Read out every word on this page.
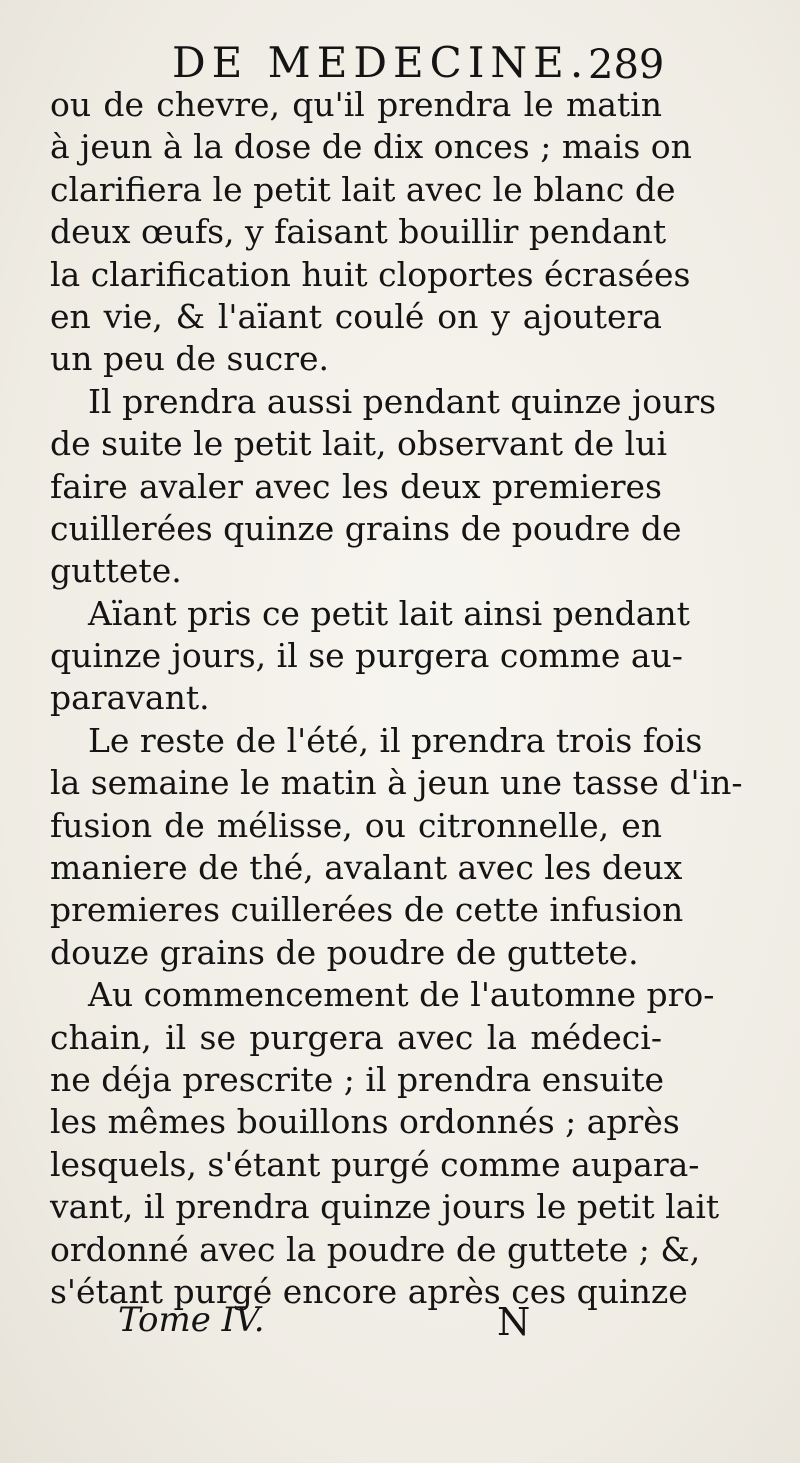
DE MEDECINE.
289
ou de chevre, qu'il prendra le matin
à jeun à la dose de dix onces ; mais on
clarifiera le petit lait avec le blanc de
deux œufs, y faisant bouillir pendant
la clarification huit cloportes écrasées
en vie, & l'aïant coulé on y ajoutera
un peu de sucre.
Il prendra aussi pendant quinze jours
de suite le petit lait, observant de lui
faire avaler avec les deux premieres
cuillerées quinze grains de poudre de
guttete.
Aïant pris ce petit lait ainsi pendant
quinze jours, il se purgera comme au-
paravant.
Le reste de l'été, il prendra trois fois
la semaine le matin à jeun une tasse d'in-
fusion de mélisse, ou citronnelle, en
maniere de thé, avalant avec les deux
premieres cuillerées de cette infusion
douze grains de poudre de guttete.
Au commencement de l'automne pro-
chain, il se purgera avec la médeci-
ne déja prescrite ; il prendra ensuite
les mêmes bouillons ordonnés ; après
lesquels, s'étant purgé comme aupara-
vant, il prendra quinze jours le petit lait
ordonné avec la poudre de guttete ; &,
s'étant purgé encore après ces quinze
Tome IV.	N
